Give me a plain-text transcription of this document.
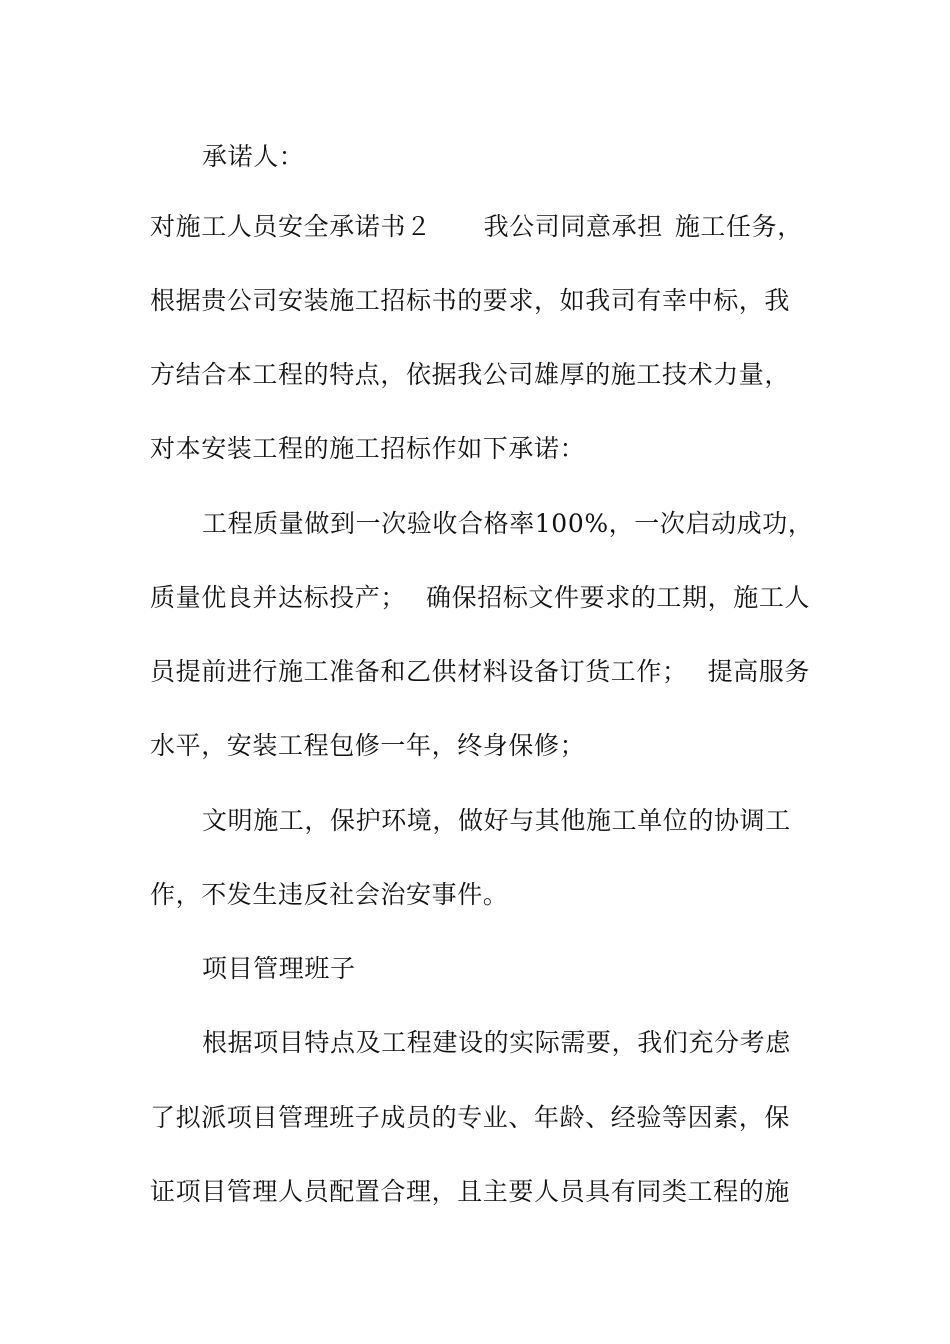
承诺人：
对施工人员安全承诺书２ 我公司同意承担 施工任务，
根据贵公司安装施工招标书的要求，如我司有幸中标，我
方结合本工程的特点，依据我公司雄厚的施工技术力量，
对本安装工程的施工招标作如下承诺：
工程质量做到一次验收合格率100%，一次启动成功，
质量优良并达标投产； 确保招标文件要求的工期，施工人
员提前进行施工准备和乙供材料设备订货工作； 提高服务
水平，安装工程包修一年，终身保修；
文明施工，保护环境，做好与其他施工单位的协调工
作，不发生违反社会治安事件。
项目管理班子
根据项目特点及工程建设的实际需要，我们充分考虑
了拟派项目管理班子成员的专业、年龄、经验等因素，保
证项目管理人员配置合理，且主要人员具有同类工程的施
